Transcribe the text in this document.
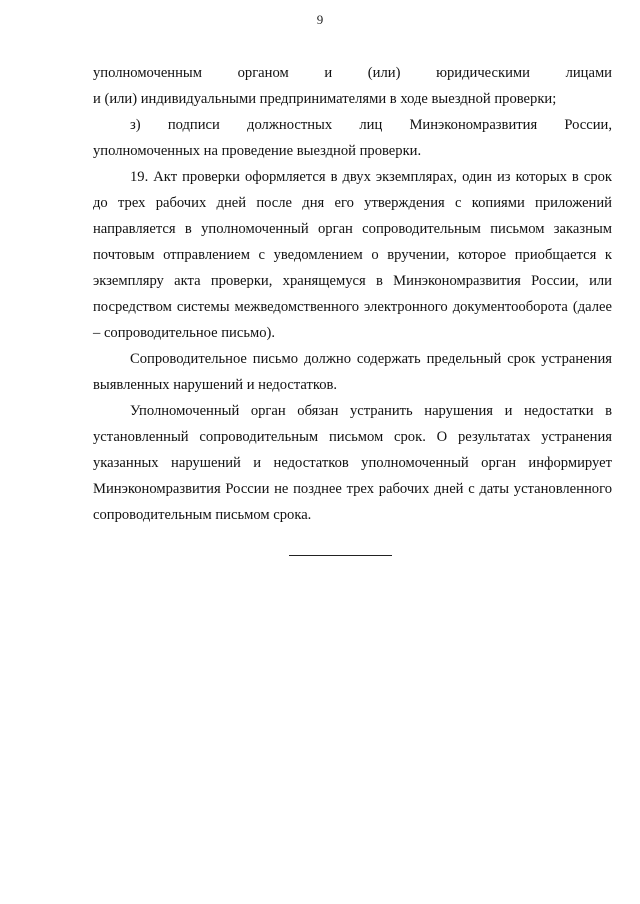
9

уполномоченным органом и (или) юридическими лицами

и (или) индивидуальными предпринимателями в ходе выездной проверки;

з) подписи должностных лиц Минэкономразвития России,

уполномоченных на проведение выездной проверки.

19. Акт проверки оформляется в двух экземплярах, один из которых в срок до трех рабочих дней после дня его утверждения с копиями приложений направляется в уполномоченный орган сопроводительным письмом заказным почтовым отправлением с уведомлением о вручении, которое приобщается к экземпляру акта проверки, хранящемуся в Минэкономразвития России, или посредством системы межведомственного электронного документооборота (далее – сопроводительное письмо).

Сопроводительное письмо должно содержать предельный срок устранения выявленных нарушений и недостатков.

Уполномоченный орган обязан устранить нарушения и недостатки в установленный сопроводительным письмом срок. О результатах устранения указанных нарушений и недостатков уполномоченный орган информирует Минэкономразвития России не позднее трех рабочих дней с даты установленного сопроводительным письмом срока.
